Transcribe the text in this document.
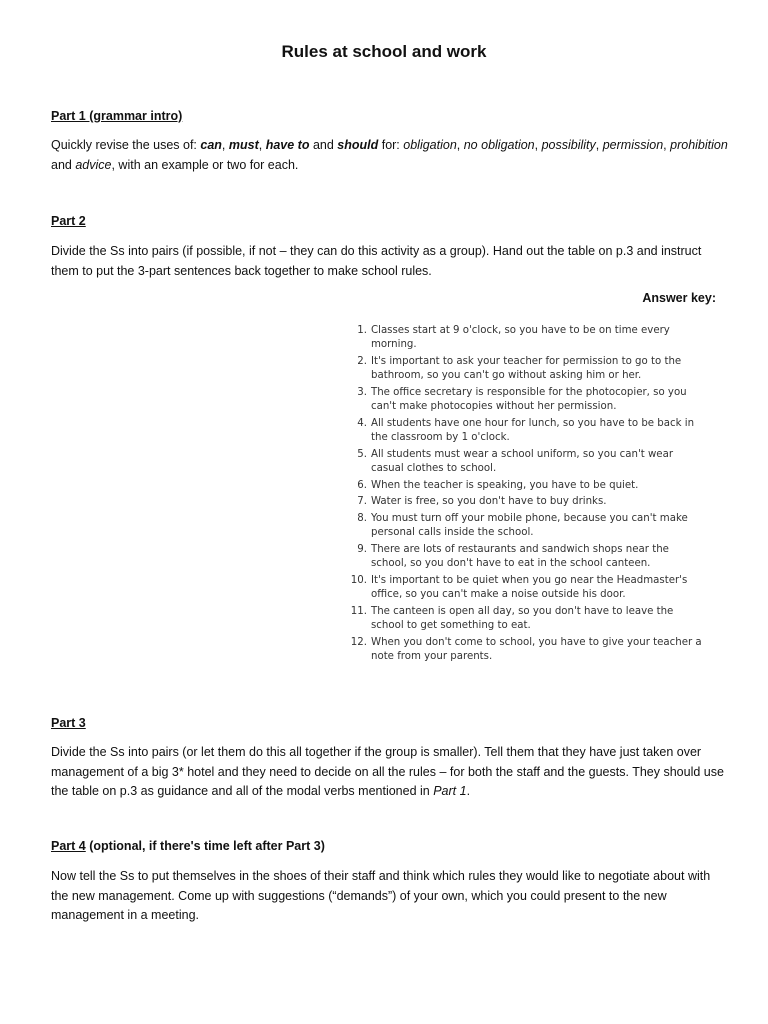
Rules at school and work
Part 1 (grammar intro)
Quickly revise the uses of: can, must, have to and should for: obligation, no obligation, possibility, permission, prohibition and advice, with an example or two for each.
Part 2
Divide the Ss into pairs (if possible, if not – they can do this activity as a group). Hand out the table on p.3 and instruct them to put the 3-part sentences back together to make school rules.
Answer key:
1. Classes start at 9 o'clock, so you have to be on time every morning.
2. It's important to ask your teacher for permission to go to the bathroom, so you can't go without asking him or her.
3. The office secretary is responsible for the photocopier, so you can't make photocopies without her permission.
4. All students have one hour for lunch, so you have to be back in the classroom by 1 o'clock.
5. All students must wear a school uniform, so you can't wear casual clothes to school.
6. When the teacher is speaking, you have to be quiet.
7. Water is free, so you don't have to buy drinks.
8. You must turn off your mobile phone, because you can't make personal calls inside the school.
9. There are lots of restaurants and sandwich shops near the school, so you don't have to eat in the school canteen.
10. It's important to be quiet when you go near the Headmaster's office, so you can't make a noise outside his door.
11. The canteen is open all day, so you don't have to leave the school to get something to eat.
12. When you don't come to school, you have to give your teacher a note from your parents.
Part 3
Divide the Ss into pairs (or let them do this all together if the group is smaller). Tell them that they have just taken over management of a big 3* hotel and they need to decide on all the rules – for both the staff and the guests. They should use the table on p.3 as guidance and all of the modal verbs mentioned in Part 1.
Part 4 (optional, if there's time left after Part 3)
Now tell the Ss to put themselves in the shoes of their staff and think which rules they would like to negotiate about with the new management. Come up with suggestions (“demands”) of your own, which you could present to the new management in a meeting.
